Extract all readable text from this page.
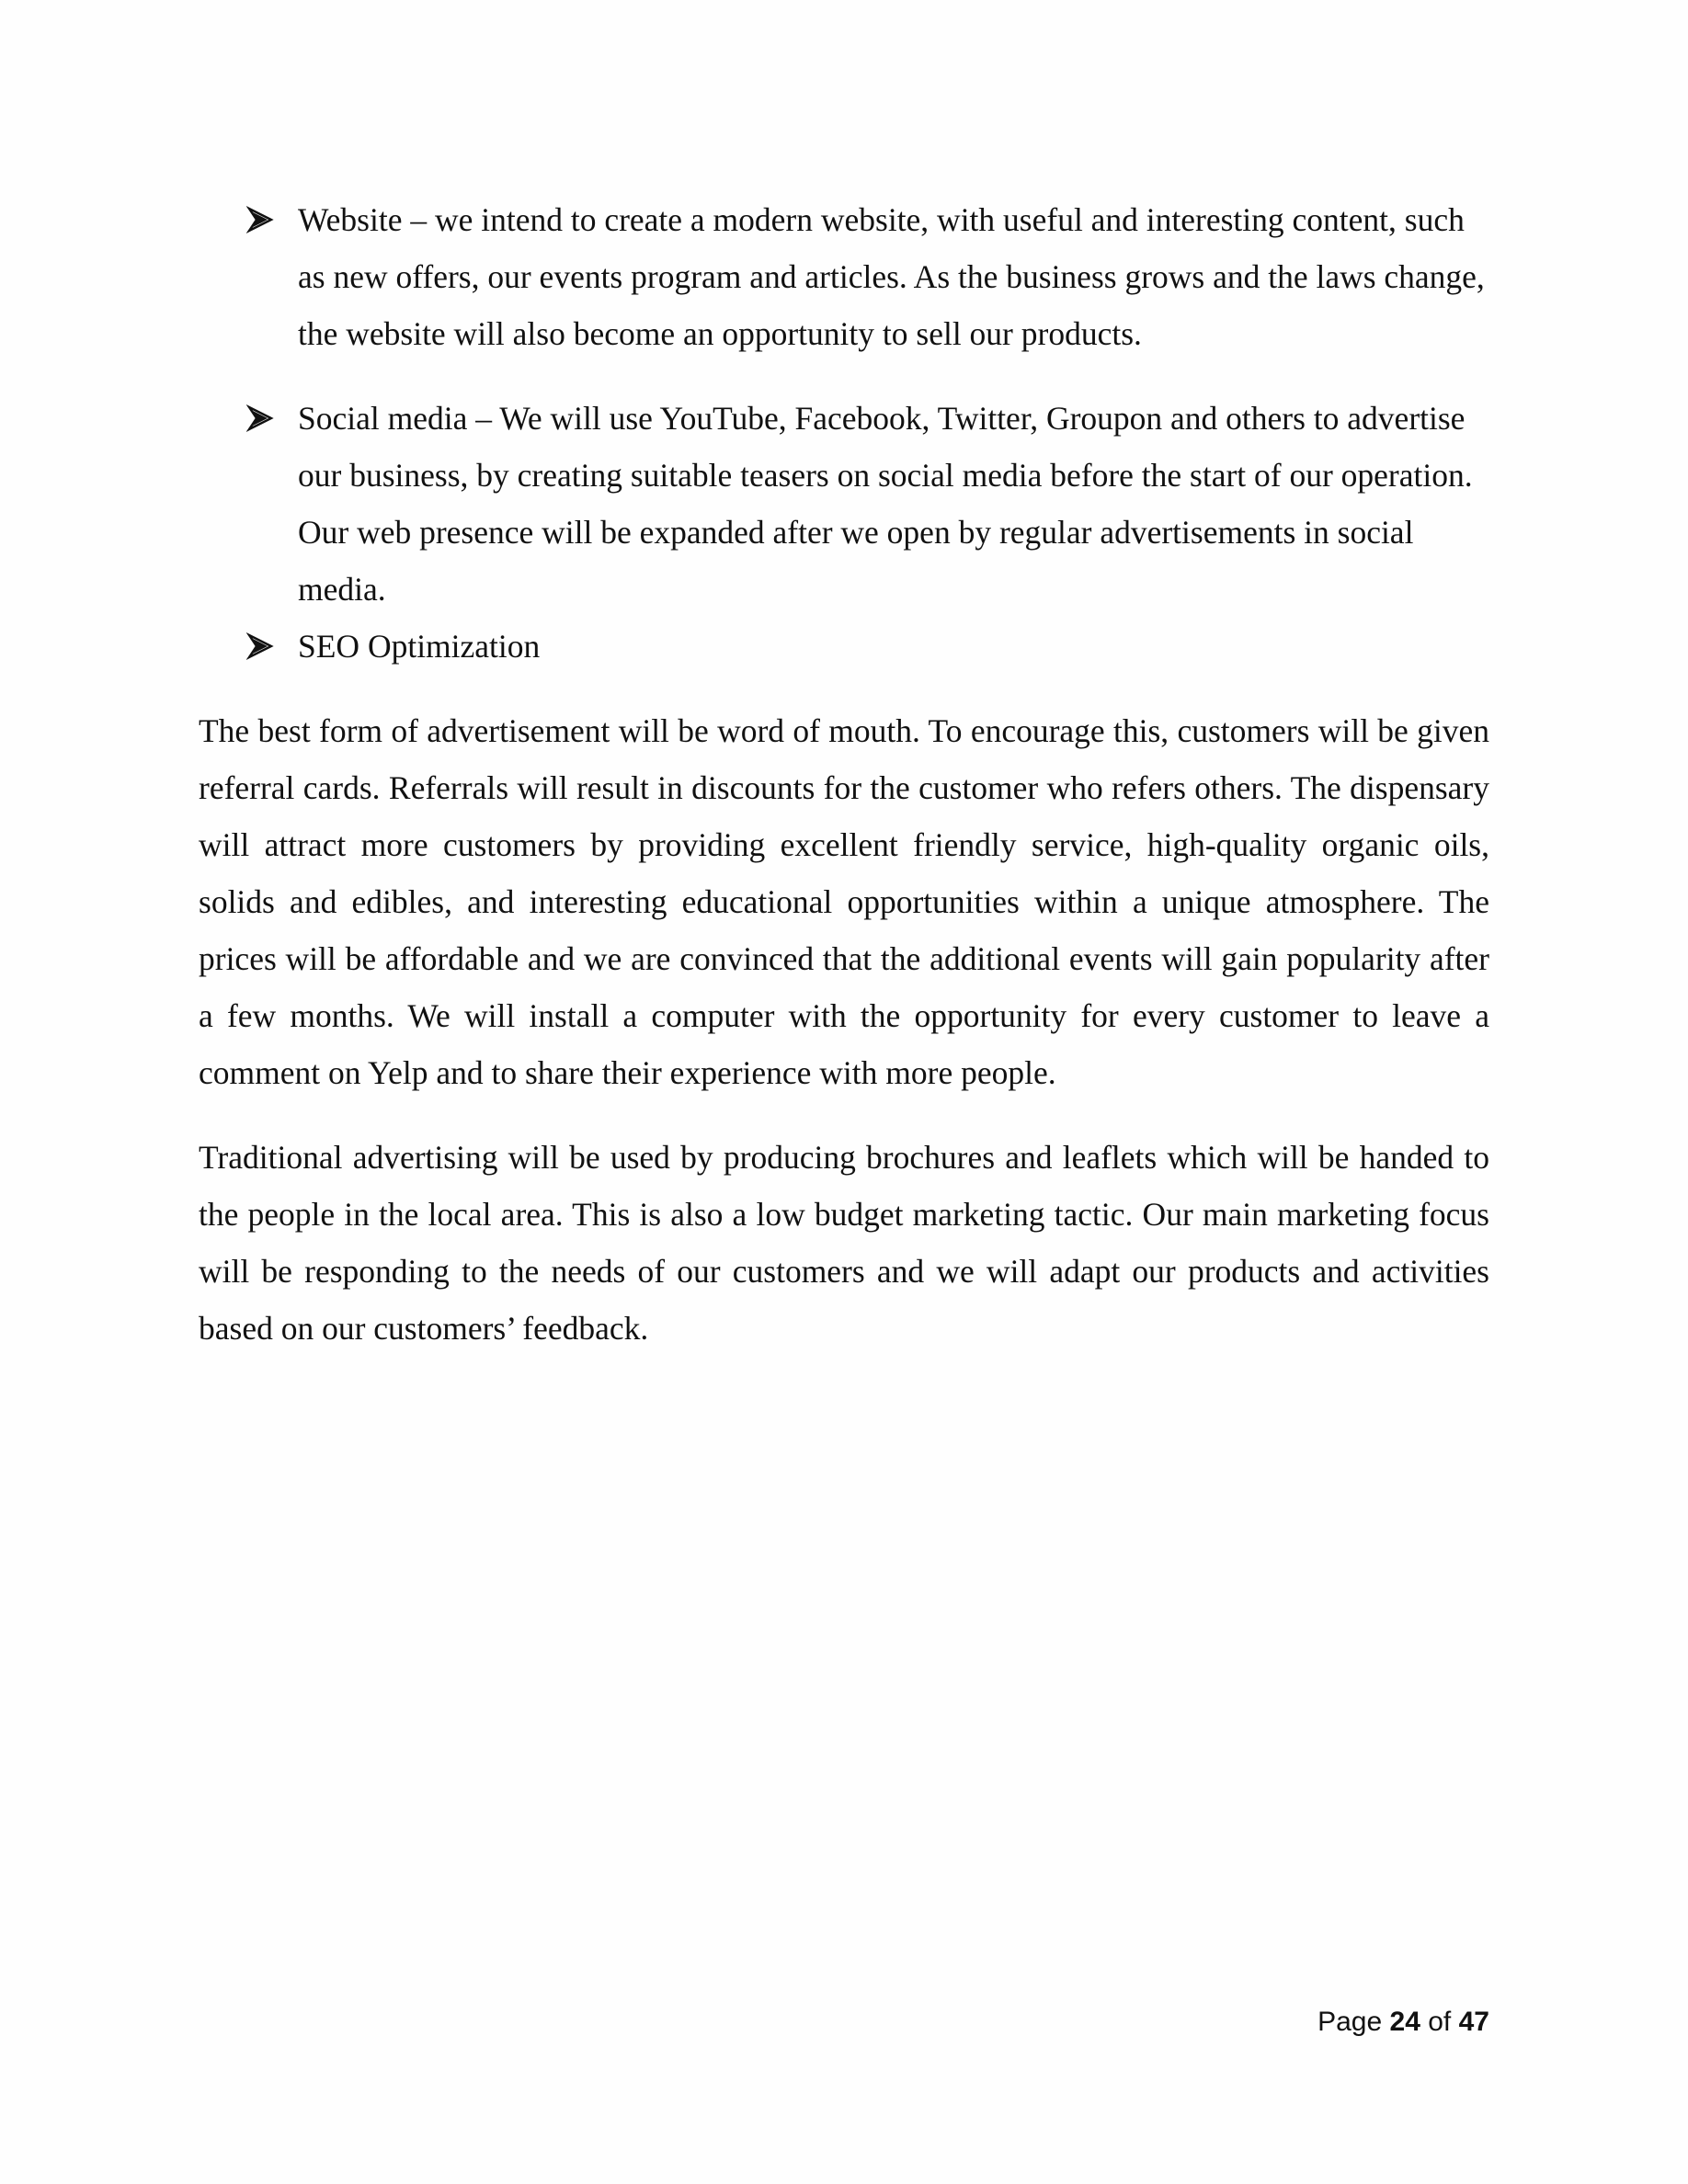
Website – we intend to create a modern website, with useful and interesting content, such as new offers, our events program and articles. As the business grows and the laws change, the website will also become an opportunity to sell our products.
Social media – We will use YouTube, Facebook, Twitter, Groupon and others to advertise our business, by creating suitable teasers on social media before the start of our operation. Our web presence will be expanded after we open by regular advertisements in social media.
SEO Optimization

The best form of advertisement will be word of mouth. To encourage this, customers will be given referral cards. Referrals will result in discounts for the customer who refers others. The dispensary will attract more customers by providing excellent friendly service, high-quality organic oils, solids and edibles, and interesting educational opportunities within a unique atmosphere. The prices will be affordable and we are convinced that the additional events will gain popularity after a few months. We will install a computer with the opportunity for every customer to leave a comment on Yelp and to share their experience with more people.

Traditional advertising will be used by producing brochures and leaflets which will be handed to the people in the local area. This is also a low budget marketing tactic. Our main marketing focus will be responding to the needs of our customers and we will adapt our products and activities based on our customers’ feedback.

Page 24 of 47
